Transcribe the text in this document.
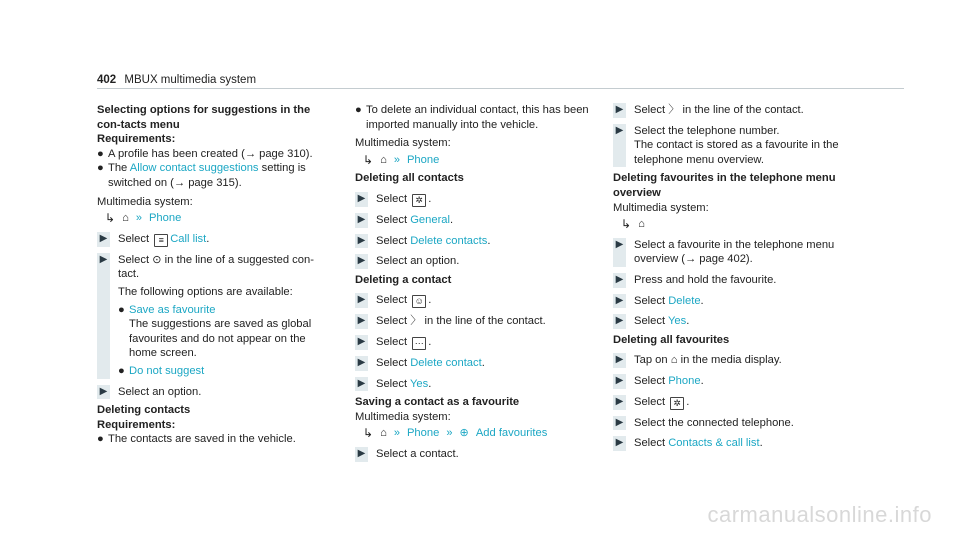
402 MBUX multimedia system
Selecting options for suggestions in the con-tacts menu
Requirements:
● A profile has been created (→ page 310).
● The Allow contact suggestions setting is switched on (→ page 315).
Multimedia system:
↳ ⌂ » Phone
▶ Select ≡ Call list.
▶ Select ⊙ in the line of a suggested con-tact.
The following options are available:
● Save as favourite
The suggestions are saved as global favourites and do not appear on the home screen.
● Do not suggest
▶ Select an option.
Deleting contacts
Requirements:
● The contacts are saved in the vehicle.
● To delete an individual contact, this has been imported manually into the vehicle.
Multimedia system:
↳ ⌂ » Phone
Deleting all contacts
▶ Select ✲ .
▶ Select General.
▶ Select Delete contacts.
▶ Select an option.
Deleting a contact
▶ Select ☺ .
▶ Select 〉 in the line of the contact.
▶ Select ⋯ .
▶ Select Delete contact.
▶ Select Yes.
Saving a contact as a favourite
Multimedia system:
↳ ⌂ » Phone » ⊕ Add favourites
▶ Select a contact.
▶ Select 〉 in the line of the contact.
▶ Select the telephone number.
The contact is stored as a favourite in the telephone menu overview.
Deleting favourites in the telephone menu overview
Multimedia system:
↳ ⌂
▶ Select a favourite in the telephone menu overview (→ page 402).
▶ Press and hold the favourite.
▶ Select Delete.
▶ Select Yes.
Deleting all favourites
▶ Tap on ⌂ in the media display.
▶ Select Phone.
▶ Select ✲ .
▶ Select the connected telephone.
▶ Select Contacts & call list.
carmanualsonline.info
